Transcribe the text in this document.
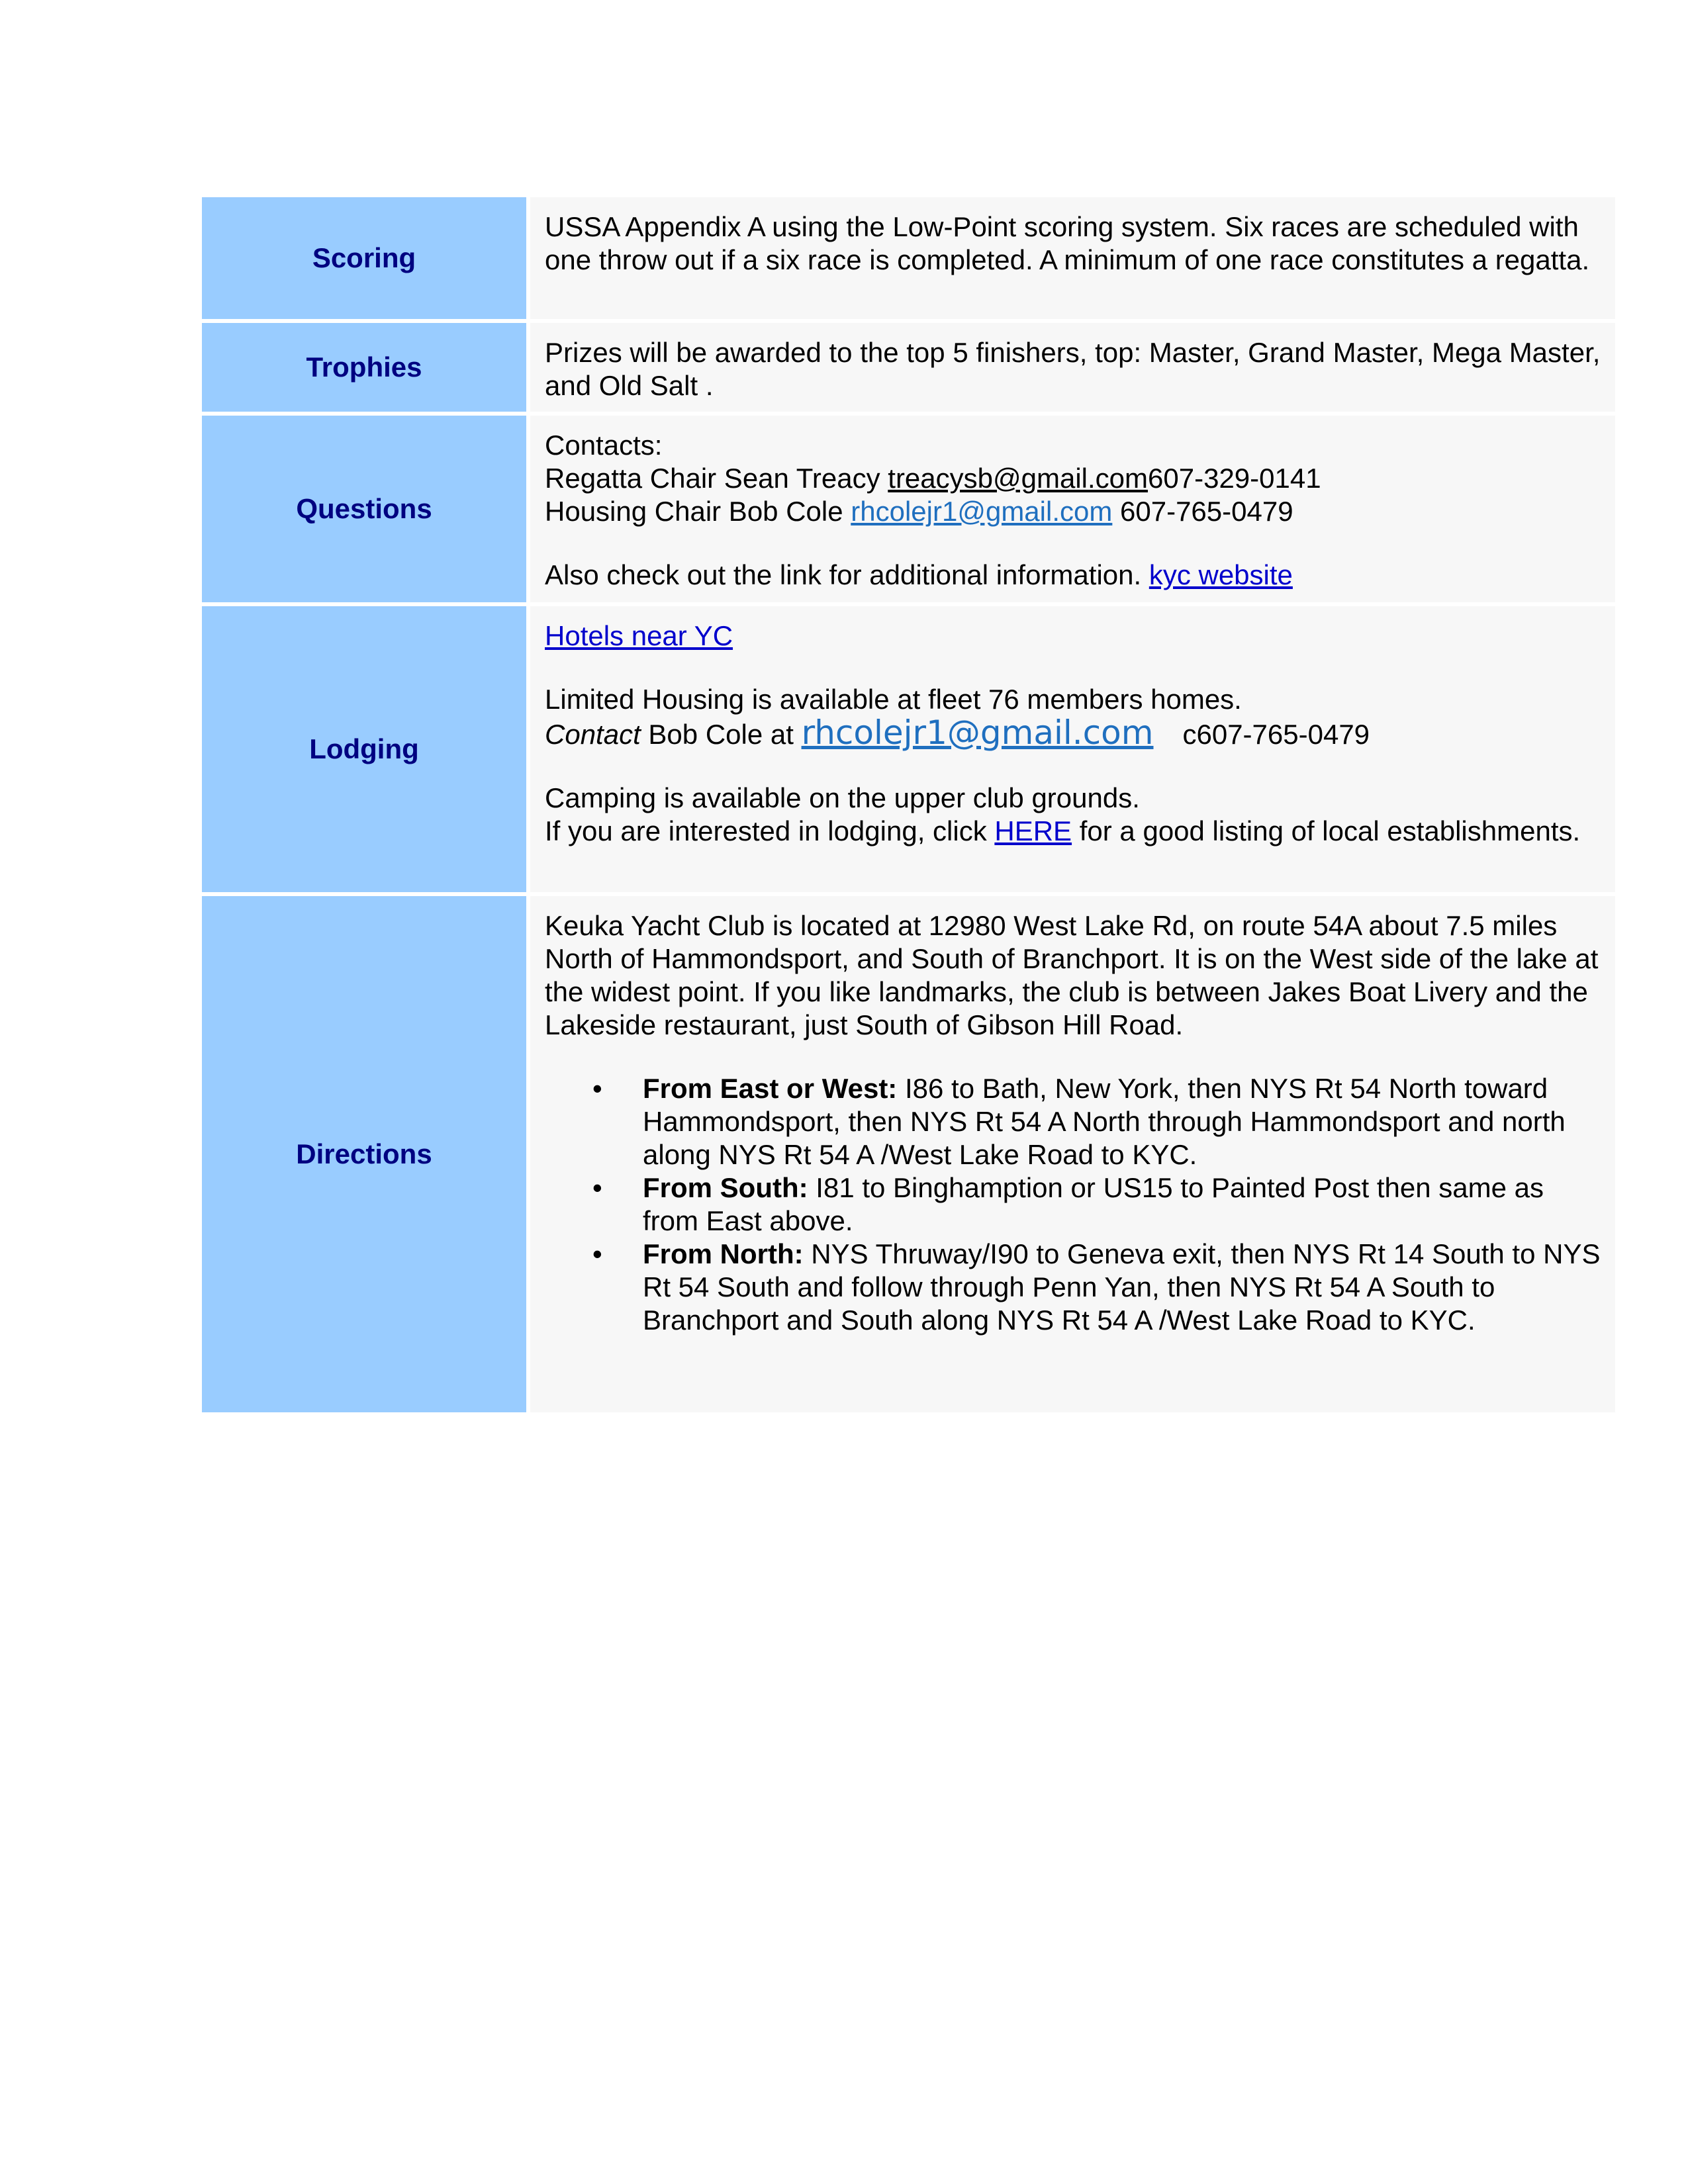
Scoring

USSA Appendix A using the Low-Point scoring system. Six races are scheduled with one throw out if a six race is completed. A minimum of one race constitutes a regatta.

Trophies	Prizes will be awarded to the top 5 finishers, top: Master, Grand Master, Mega Master, and Old Salt .

Questions

Contacts:

Regatta Chair Sean Treacy treacysb@gmail.com607-329-0141

Housing Chair Bob Cole rhcolejr1@gmail.com 607-765-0479

Also check out the link for additional information. kyc website

Lodging

Hotels near YC

Limited Housing is available at fleet 76 members homes.

Contact Bob Cole at rhcolejr1@gmail.com c607-765-0479

Camping is available on the upper club grounds.

If you are interested in lodging, click HERE for a good listing of local establishments.

Directions

Keuka Yacht Club is located at 12980 West Lake Rd, on route 54A about 7.5 miles North of Hammondsport, and South of Branchport. It is on the West side of the lake at the widest point. If you like landmarks, the club is between Jakes Boat Livery and the Lakeside restaurant, just South of Gibson Hill Road.

• From East or West: I86 to Bath, New York, then NYS Rt 54 North toward Hammondsport, then NYS Rt 54 A North through Hammondsport and north along NYS Rt 54 A /West Lake Road to KYC.
• From South: I81 to Binghamption or US15 to Painted Post then same as from East above.
• From North: NYS Thruway/I90 to Geneva exit, then NYS Rt 14 South to NYS Rt 54 South and follow through Penn Yan, then NYS Rt 54 A South to Branchport and South along NYS Rt 54 A /West Lake Road to KYC.
